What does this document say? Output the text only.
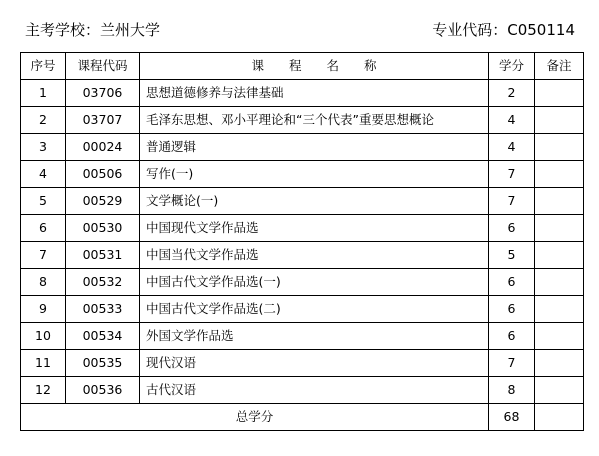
主考学校：兰州大学	专业代码：C050114
序号	课程代码	课程名称	学分	备注
1	03706	思想道德修养与法律基础	2	
2	03707	毛泽东思想、邓小平理论和“三个代表”重要思想概论	4	
3	00024	普通逻辑	4	
4	00506	写作(一)	7	
5	00529	文学概论(一)	7	
6	00530	中国现代文学作品选	6	
7	00531	中国当代文学作品选	5	
8	00532	中国古代文学作品选(一)	6	
9	00533	中国古代文学作品选(二)	6	
10	00534	外国文学作品选	6	
11	00535	现代汉语	7	
12	00536	古代汉语	8	
总学分			68	
